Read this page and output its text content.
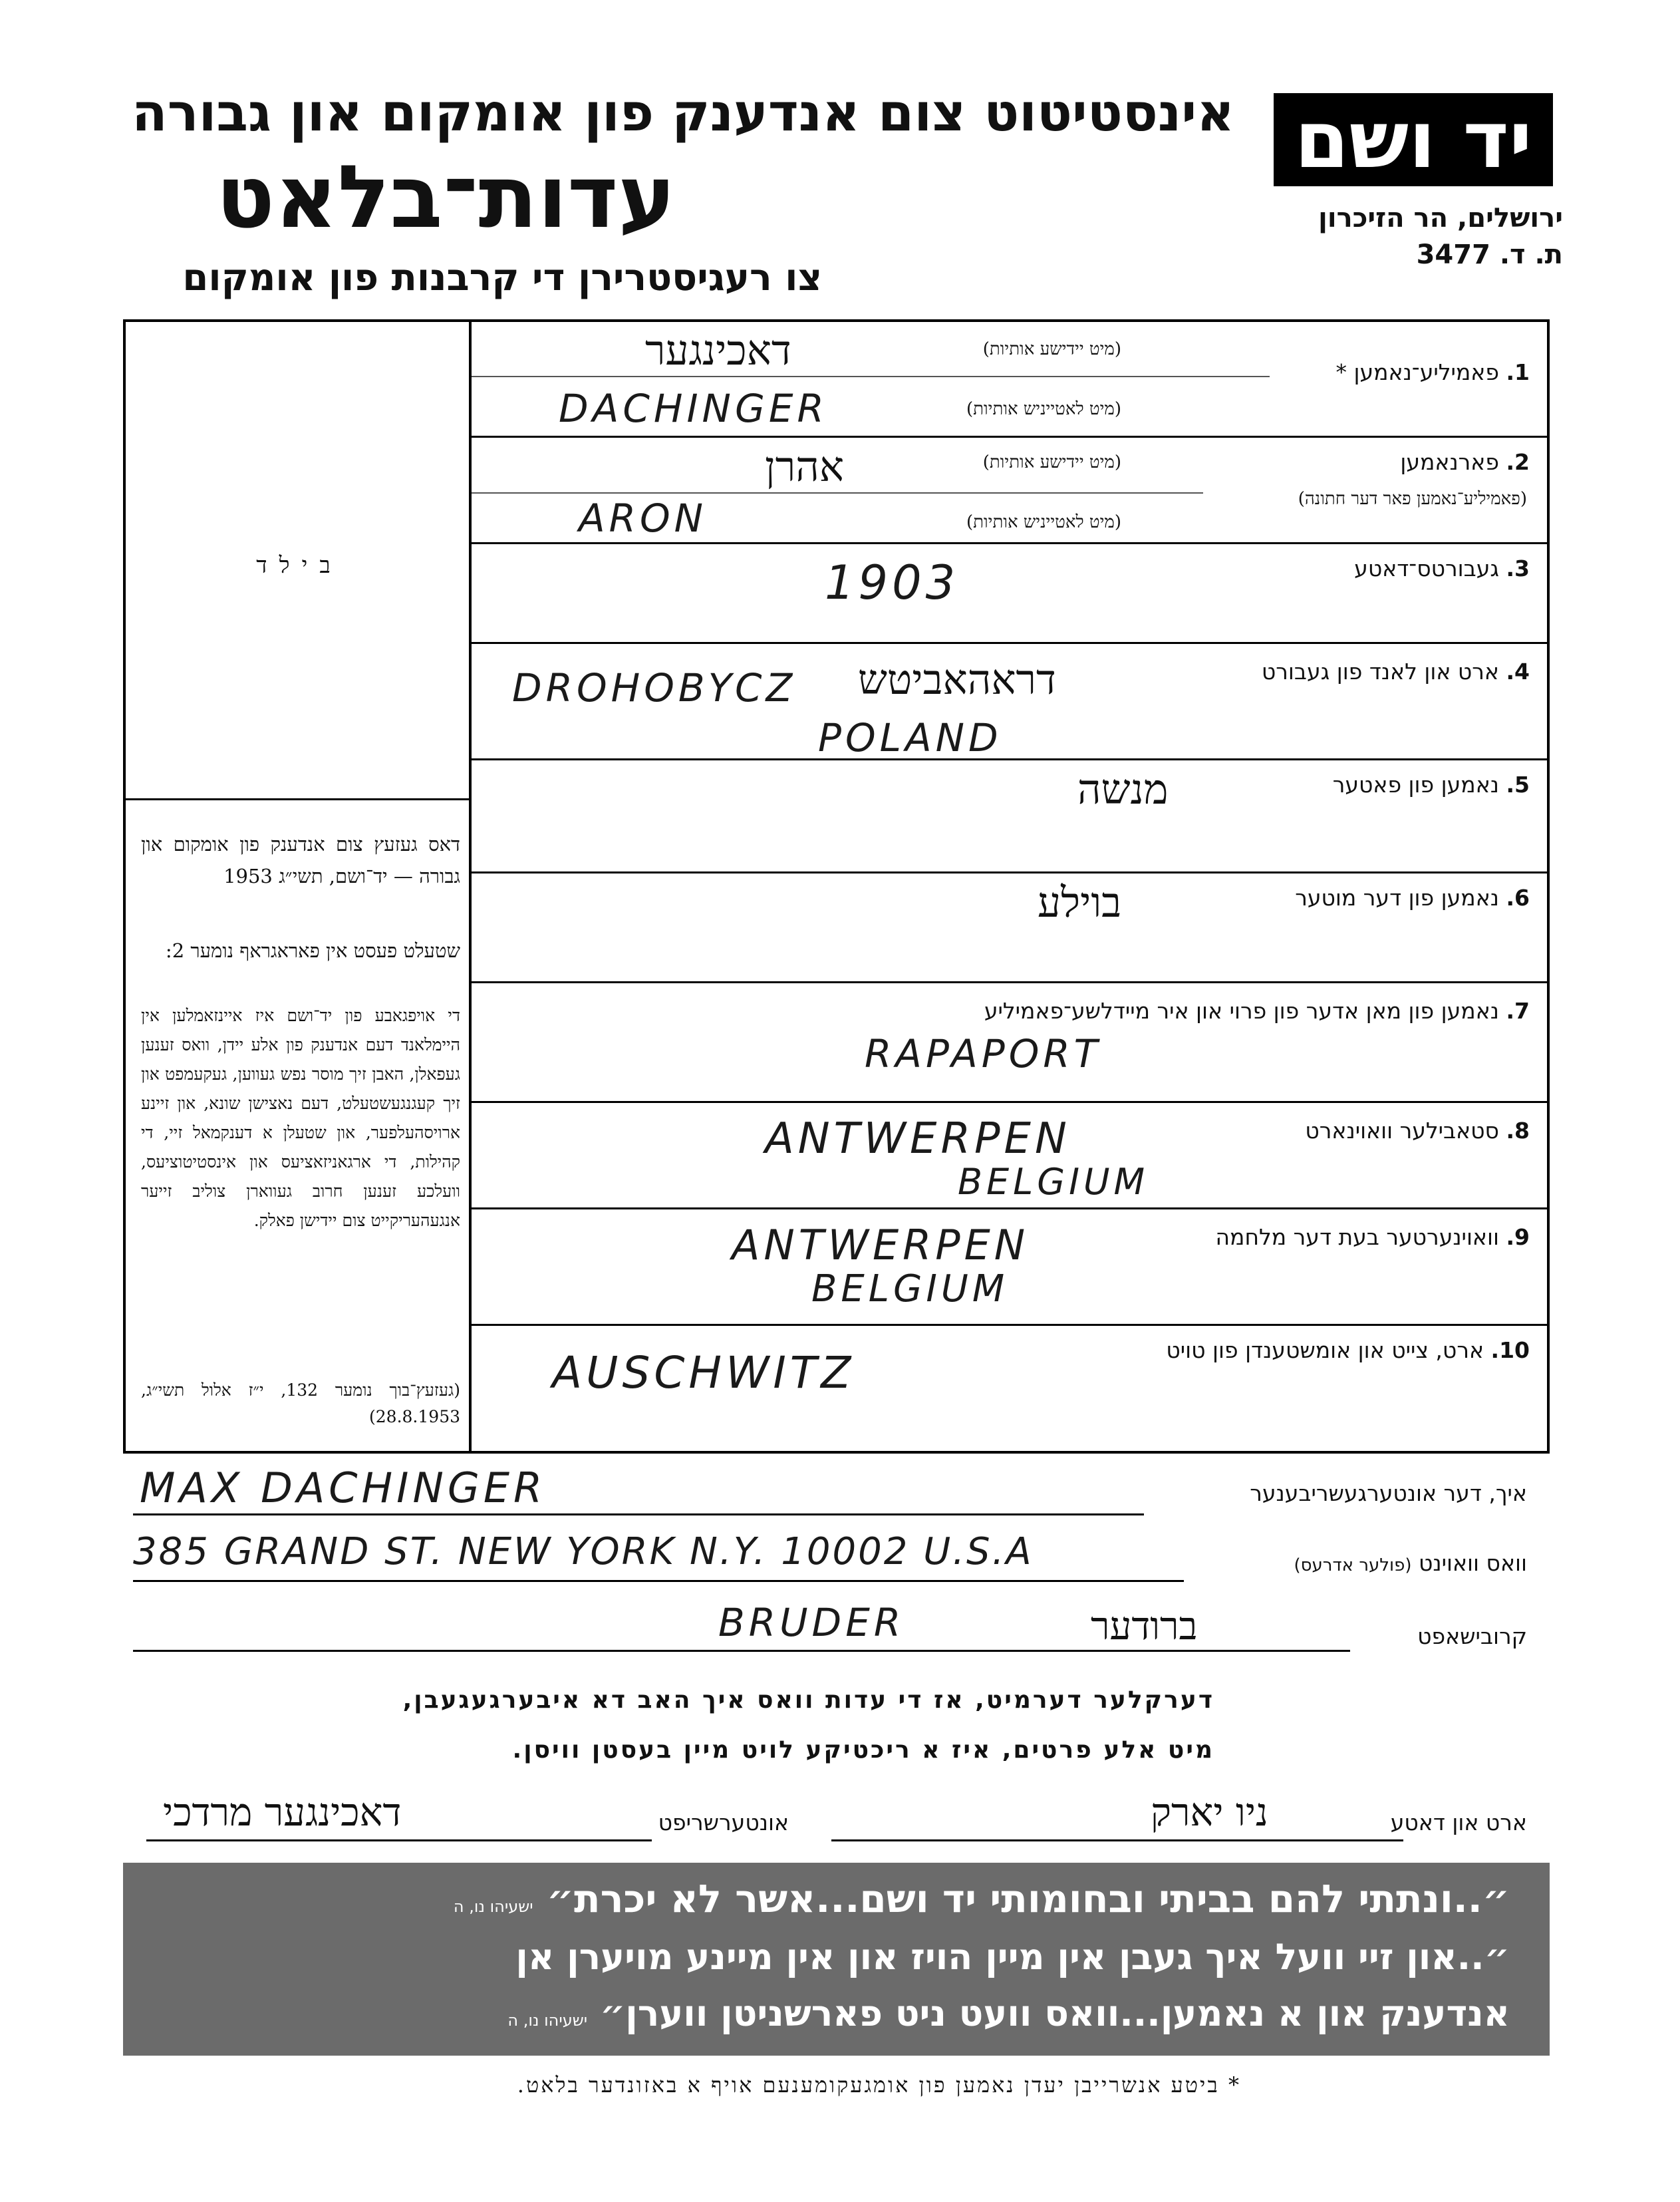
יד ושם
אינסטיטוט צום אנדענק פון אומקום און גבורה
עדות־בלאט	ירושלים, הר הזיכרון
ת. ד. 3477
צו רעגיסטרירן די קרבנות פון אומקום
בילד
דאס געזעץ צום אנדענק פון אומקום און גבורה — יד־ושם, תשי״ג 1953
שטעלט פעסט אין פאראגראף נומער 2:
די אויפגאבע פון יד־ושם איז איינזאמלען אין היימלאנד דעם אנדענק פון אלע יידן, וואס זענען געפאלן, האבן זיך מוסר נפש געווען, געקעמפט און זיך קעגנגעשטעלט, דעם נאצישן שונא, און זיינע ארויסהעלפער, און שטעלן א דענקמאל זיי, די קהילות, די ארגאניזאציעס און אינסטיטוציעס, וועלכע זענען חרוב געווארן צוליב זייער אנגעהעריקייט צום יידישן פאלק.
(געזעץ־בוך נומער 132, י״ז אלול תשי״ג, 28.8.1953)
1. פאמיליע־נאמען *
(מיט יידישע אותיות)
(מיט לאטייניש אותיות)
דאכינגער
DACHINGER
2. פארנאמען
(פאמיליע־נאמען פאר דער חתונה)
(מיט יידישע אותיות)
(מיט לאטייניש אותיות)
אהרן
ARON
3. געבורטס־דאטע
1903
4. ארט און לאנד פון געבורט
DROHOBYCZ דראהאביטש
POLAND
5. נאמען פון פאטער
מנשה
6. נאמען פון דער מוטער
בוילע
7. נאמען פון מאן אדער פון פרוי און איר מיידלשע־פאמיליע
RAPAPORT
8. סטאבילער וואוינארט
ANTWERPEN
BELGIUM
9. וואוינערטער בעת דער מלחמה
ANTWERPEN
BELGIUM
10. ארט, צייט און אומשטענדן פון טויט
AUSCHWITZ
MAX DACHINGER	איך, דער אונטערגעשריבענער
385 GRAND ST. NEW YORK N.Y. 10002 U.S.A	וואס וואוינט (פולער אדרעס)
BRUDER	ברודער	קרובישאפט
דערקלער דערמיט, אז די עדות וואס איך האב דא איבערגעגעבן,
מיט אלע פרטים, איז א ריכטיקע לויט מיין בעסטן וויסן.
דאכינגער מרדכי	אונטערשריפט	ניו יארק	ארט און דאטע
״..ונתתי להם בביתי ובחומותי יד ושם...אשר לא יכרת״ ישעיהו נו, ה
״..און זיי וועל איך געבן אין מיין הויז און אין מיינע מויערן אן
אנדענק און א נאמען...וואס וועט ניט פארשניטן ווערן״ ישעיהו נו, ה
* ביטע אנשרייבן יעדן נאמען פון אומגעקומענעם אויף א באזונדער בלאט.
